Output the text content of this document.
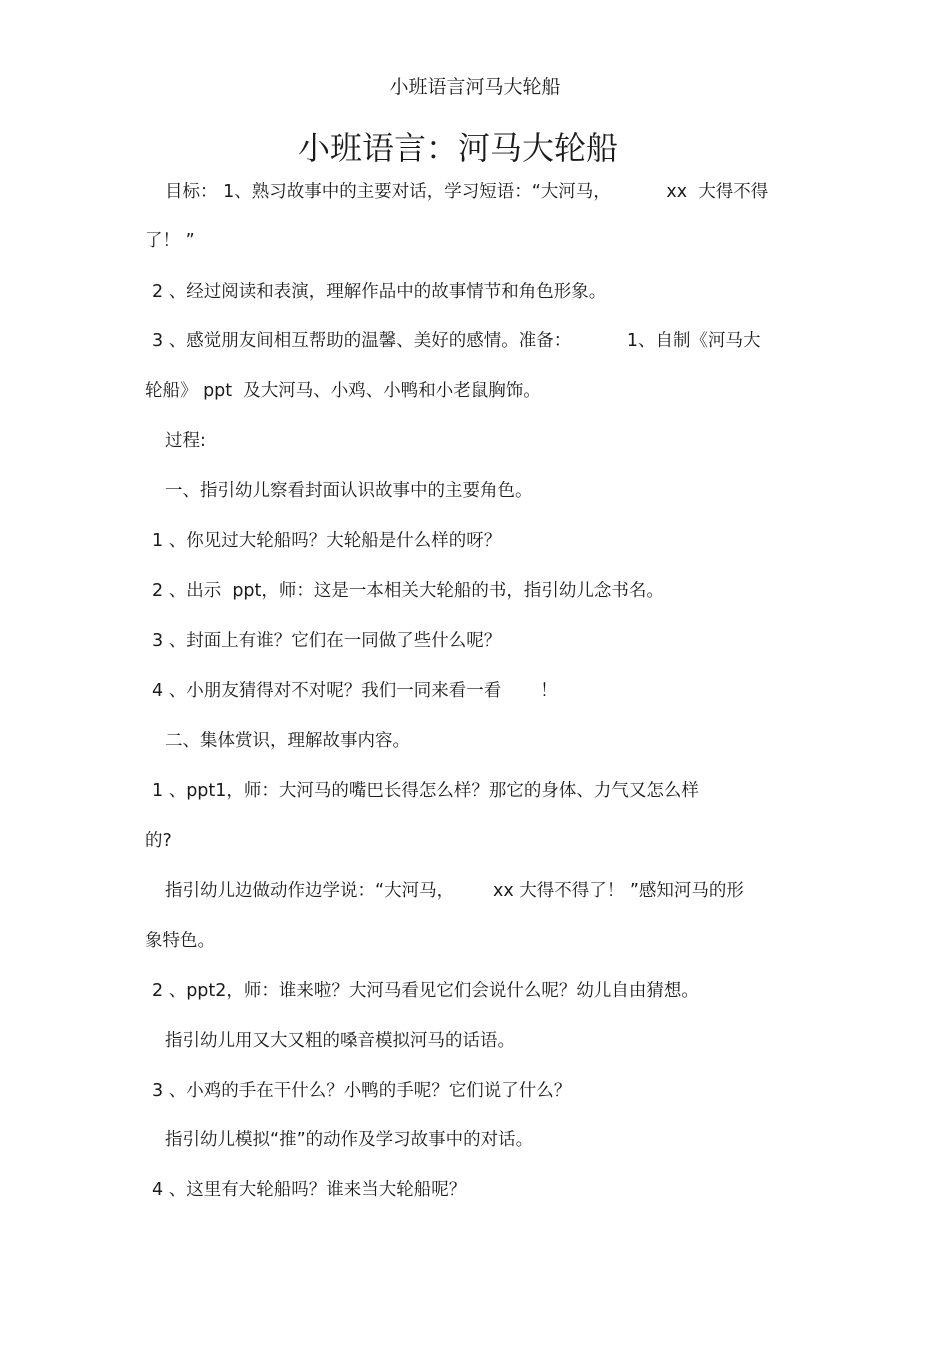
小班语言河马大轮船
小班语言：河马大轮船
目标： 1、熟习故事中的主要对话，学习短语：“大河马，          xx  大得不得
了！ ”
2 、经过阅读和表演，理解作品中的故事情节和角色形象。
3 、感觉朋友间相互帮助的温馨、美好的感情。准备：          1、自制《河马大
轮船》 ppt  及大河马、小鸡、小鸭和小老鼠胸饰。
过程:
一、指引幼儿察看封面认识故事中的主要角色。
1 、你见过大轮船吗？大轮船是什么样的呀？
2 、出示  ppt，师：这是一本相关大轮船的书，指引幼儿念书名。
3 、封面上有谁？它们在一同做了些什么呢？
4 、小朋友猜得对不对呢？我们一同来看一看       ！
二、集体赏识，理解故事内容。
1 、ppt1，师：大河马的嘴巴长得怎么样？那它的身体、力气又怎么样
的?
指引幼儿边做动作边学说：“大河马，       xx 大得不得了！ ”感知河马的形
象特色。
2 、ppt2，师：谁来啦？大河马看见它们会说什么呢？幼儿自由猜想。
指引幼儿用又大又粗的嗓音模拟河马的话语。
3 、小鸡的手在干什么？小鸭的手呢？它们说了什么？
指引幼儿模拟“推”的动作及学习故事中的对话。
4 、这里有大轮船吗？谁来当大轮船呢？
